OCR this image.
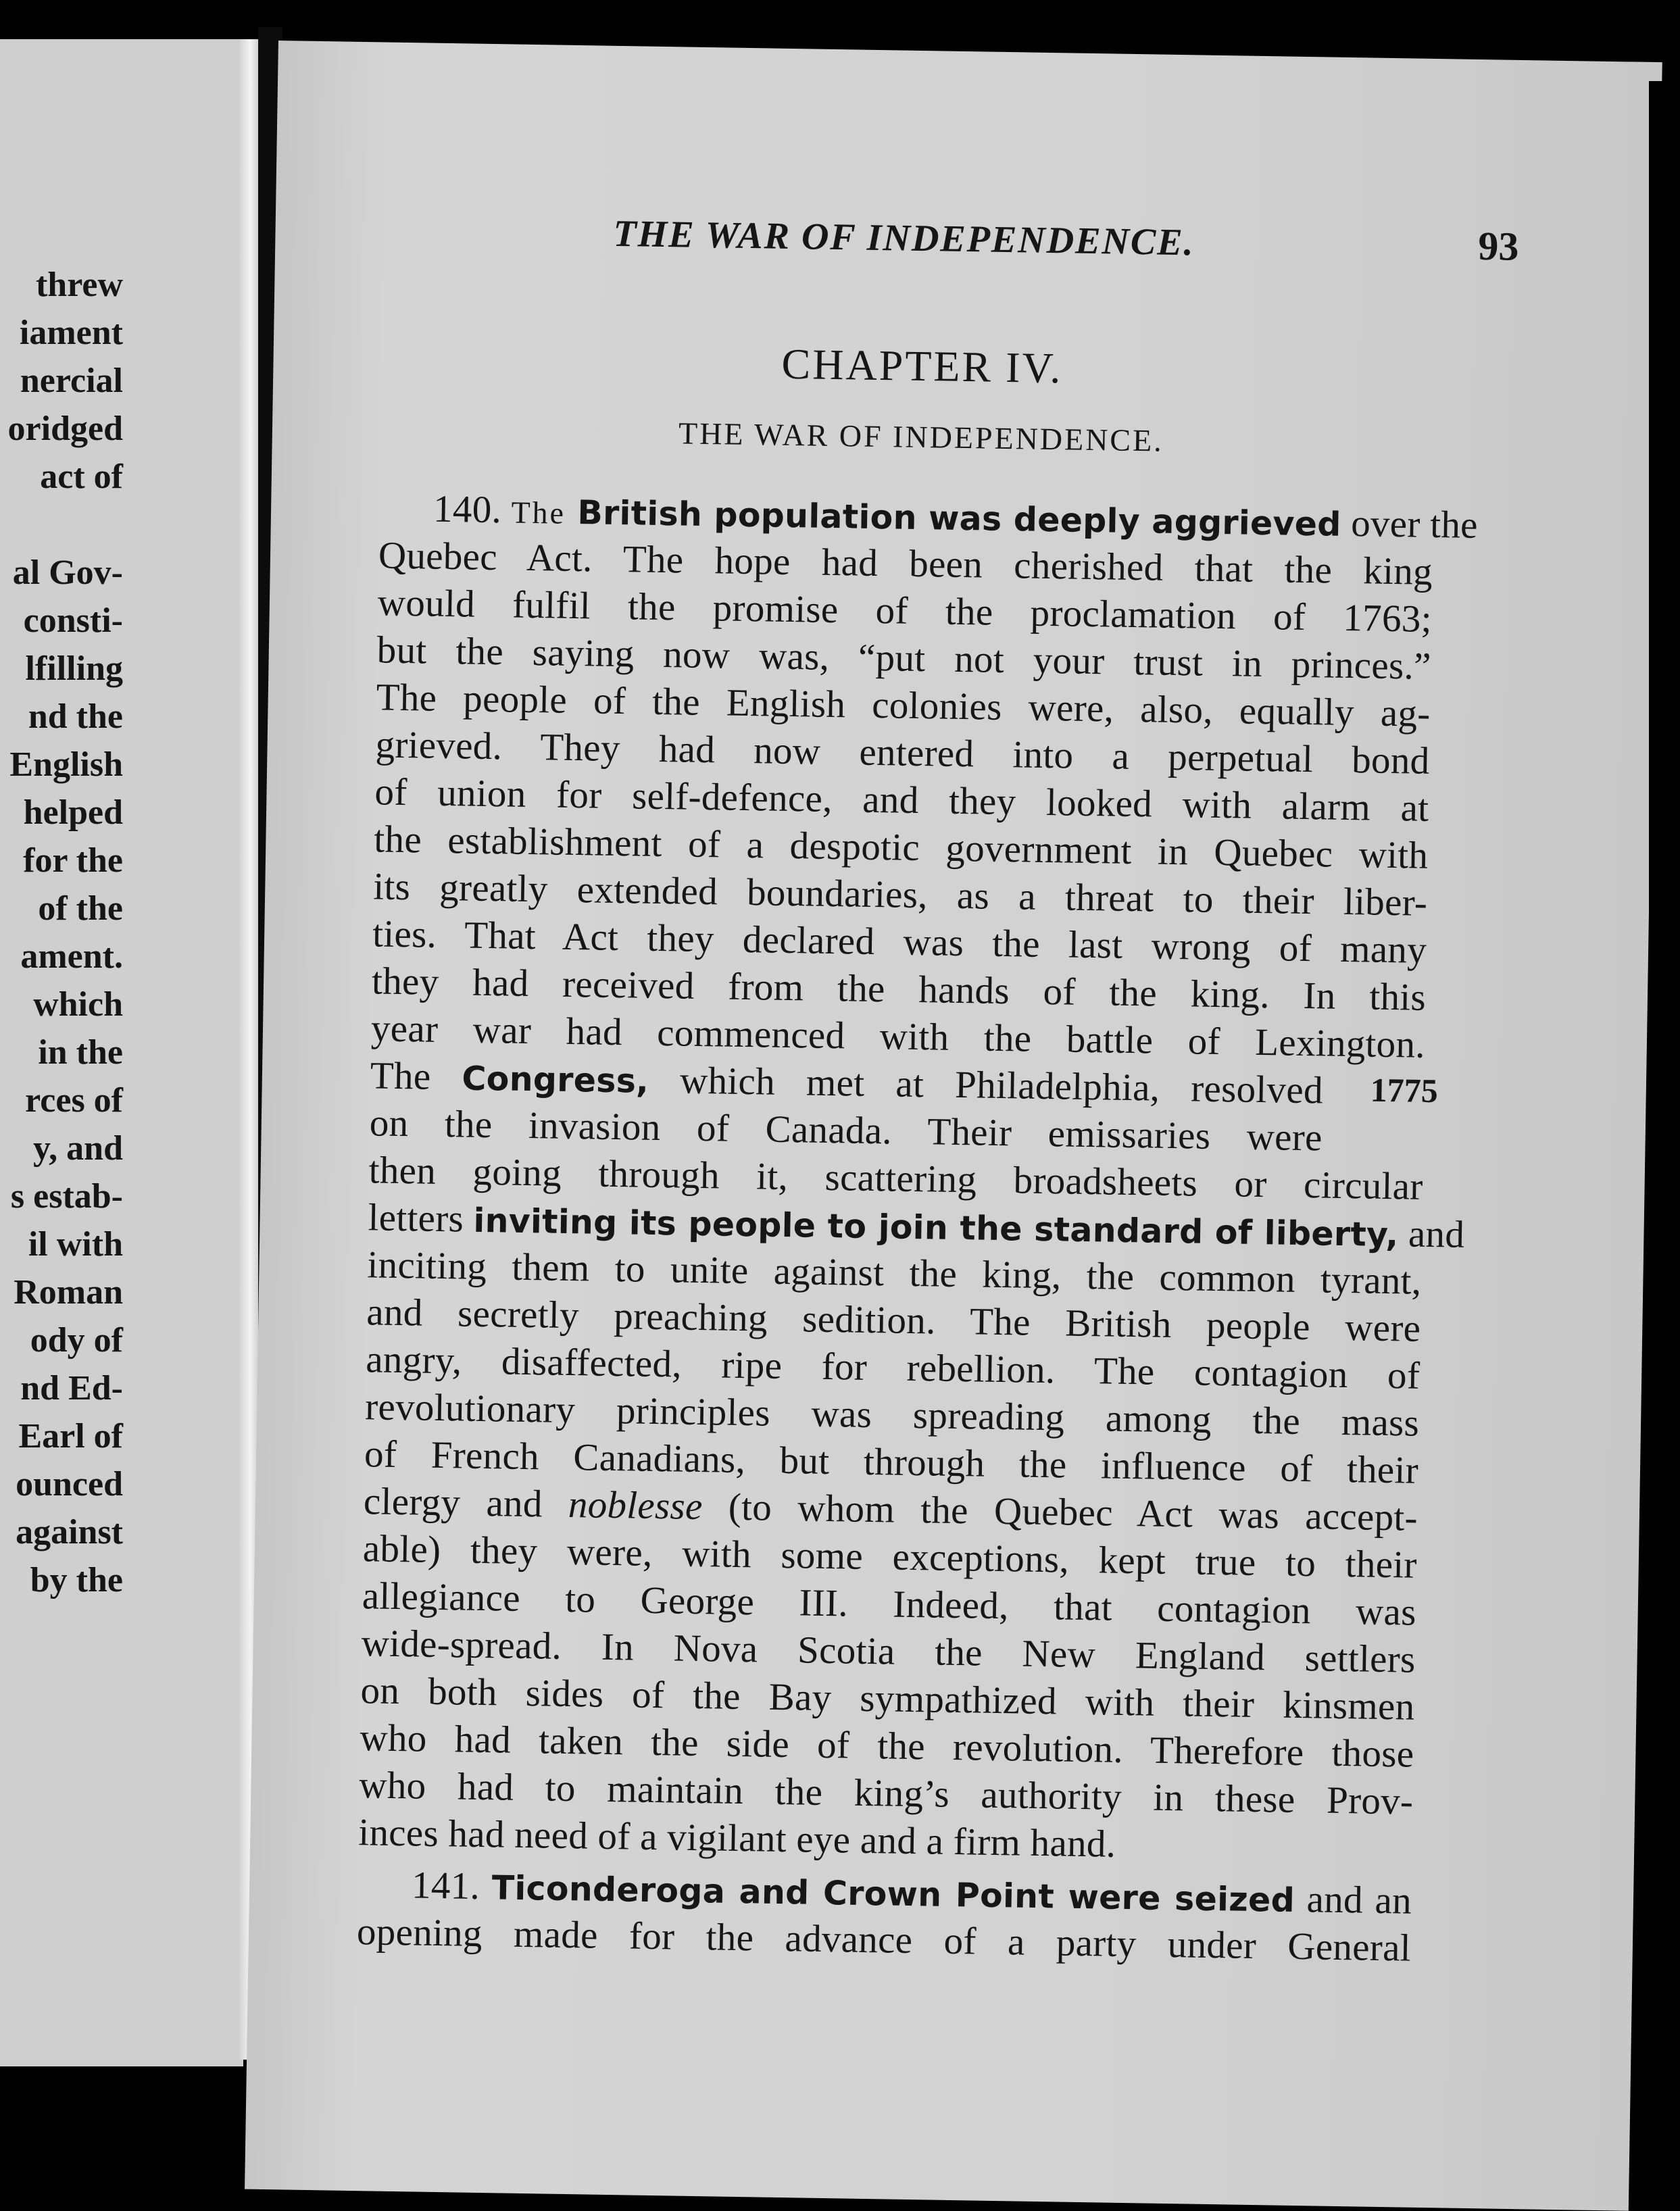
threw
iament
nercial
oridged
act of
al Gov-
consti-
lfilling
nd the
English
helped
for the
of the
ament.
which
in the
rces of
y, and
s estab-
il with
Roman
ody of
nd Ed-
Earl of
ounced
against
by the
THE WAR OF INDEPENDENCE.	93
CHAPTER IV.
THE WAR OF INDEPENDENCE.
140. The British population was deeply aggrieved over the
Quebec Act. The hope had been cherished that the king
would fulfil the promise of the proclamation of 1763;
but the saying now was, “put not your trust in princes.”
The people of the English colonies were, also, equally ag-
grieved. They had now entered into a perpetual bond
of union for self-defence, and they looked with alarm at
the establishment of a despotic government in Quebec with
its greatly extended boundaries, as a threat to their liber-
ties. That Act they declared was the last wrong of many
they had received from the hands of the king. In this
year war had commenced with the battle of Lexington.
The Congress, which met at Philadelphia, resolved
on the invasion of Canada. Their emissaries were
1775
then going through it, scattering broadsheets or circular
letters inviting its people to join the standard of liberty, and
inciting them to unite against the king, the common tyrant,
and secretly preaching sedition. The British people were
angry, disaffected, ripe for rebellion. The contagion of
revolutionary principles was spreading among the mass
of French Canadians, but through the influence of their
clergy and noblesse (to whom the Quebec Act was accept-
able) they were, with some exceptions, kept true to their
allegiance to George III. Indeed, that contagion was
wide-spread. In Nova Scotia the New England settlers
on both sides of the Bay sympathized with their kinsmen
who had taken the side of the revolution. Therefore those
who had to maintain the king’s authority in these Prov-
inces had need of a vigilant eye and a firm hand.
141. Ticonderoga and Crown Point were seized and an
opening made for the advance of a party under General
